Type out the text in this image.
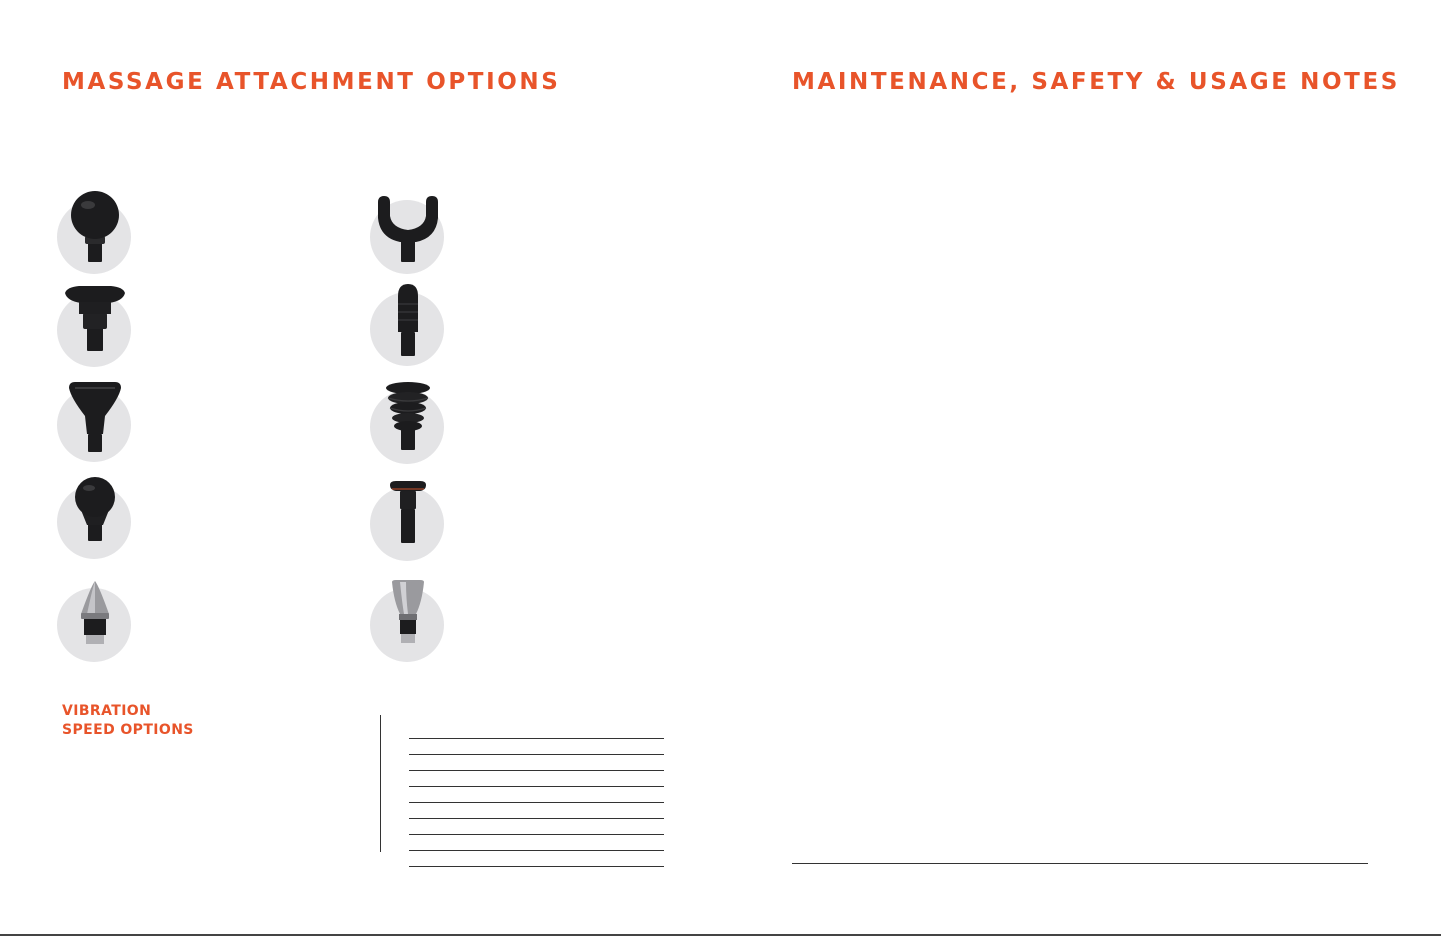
MASSAGE ATTACHMENT OPTIONS	MAINTENANCE, SAFETY & USAGE NOTES
VIBRATION
SPEED OPTIONS
